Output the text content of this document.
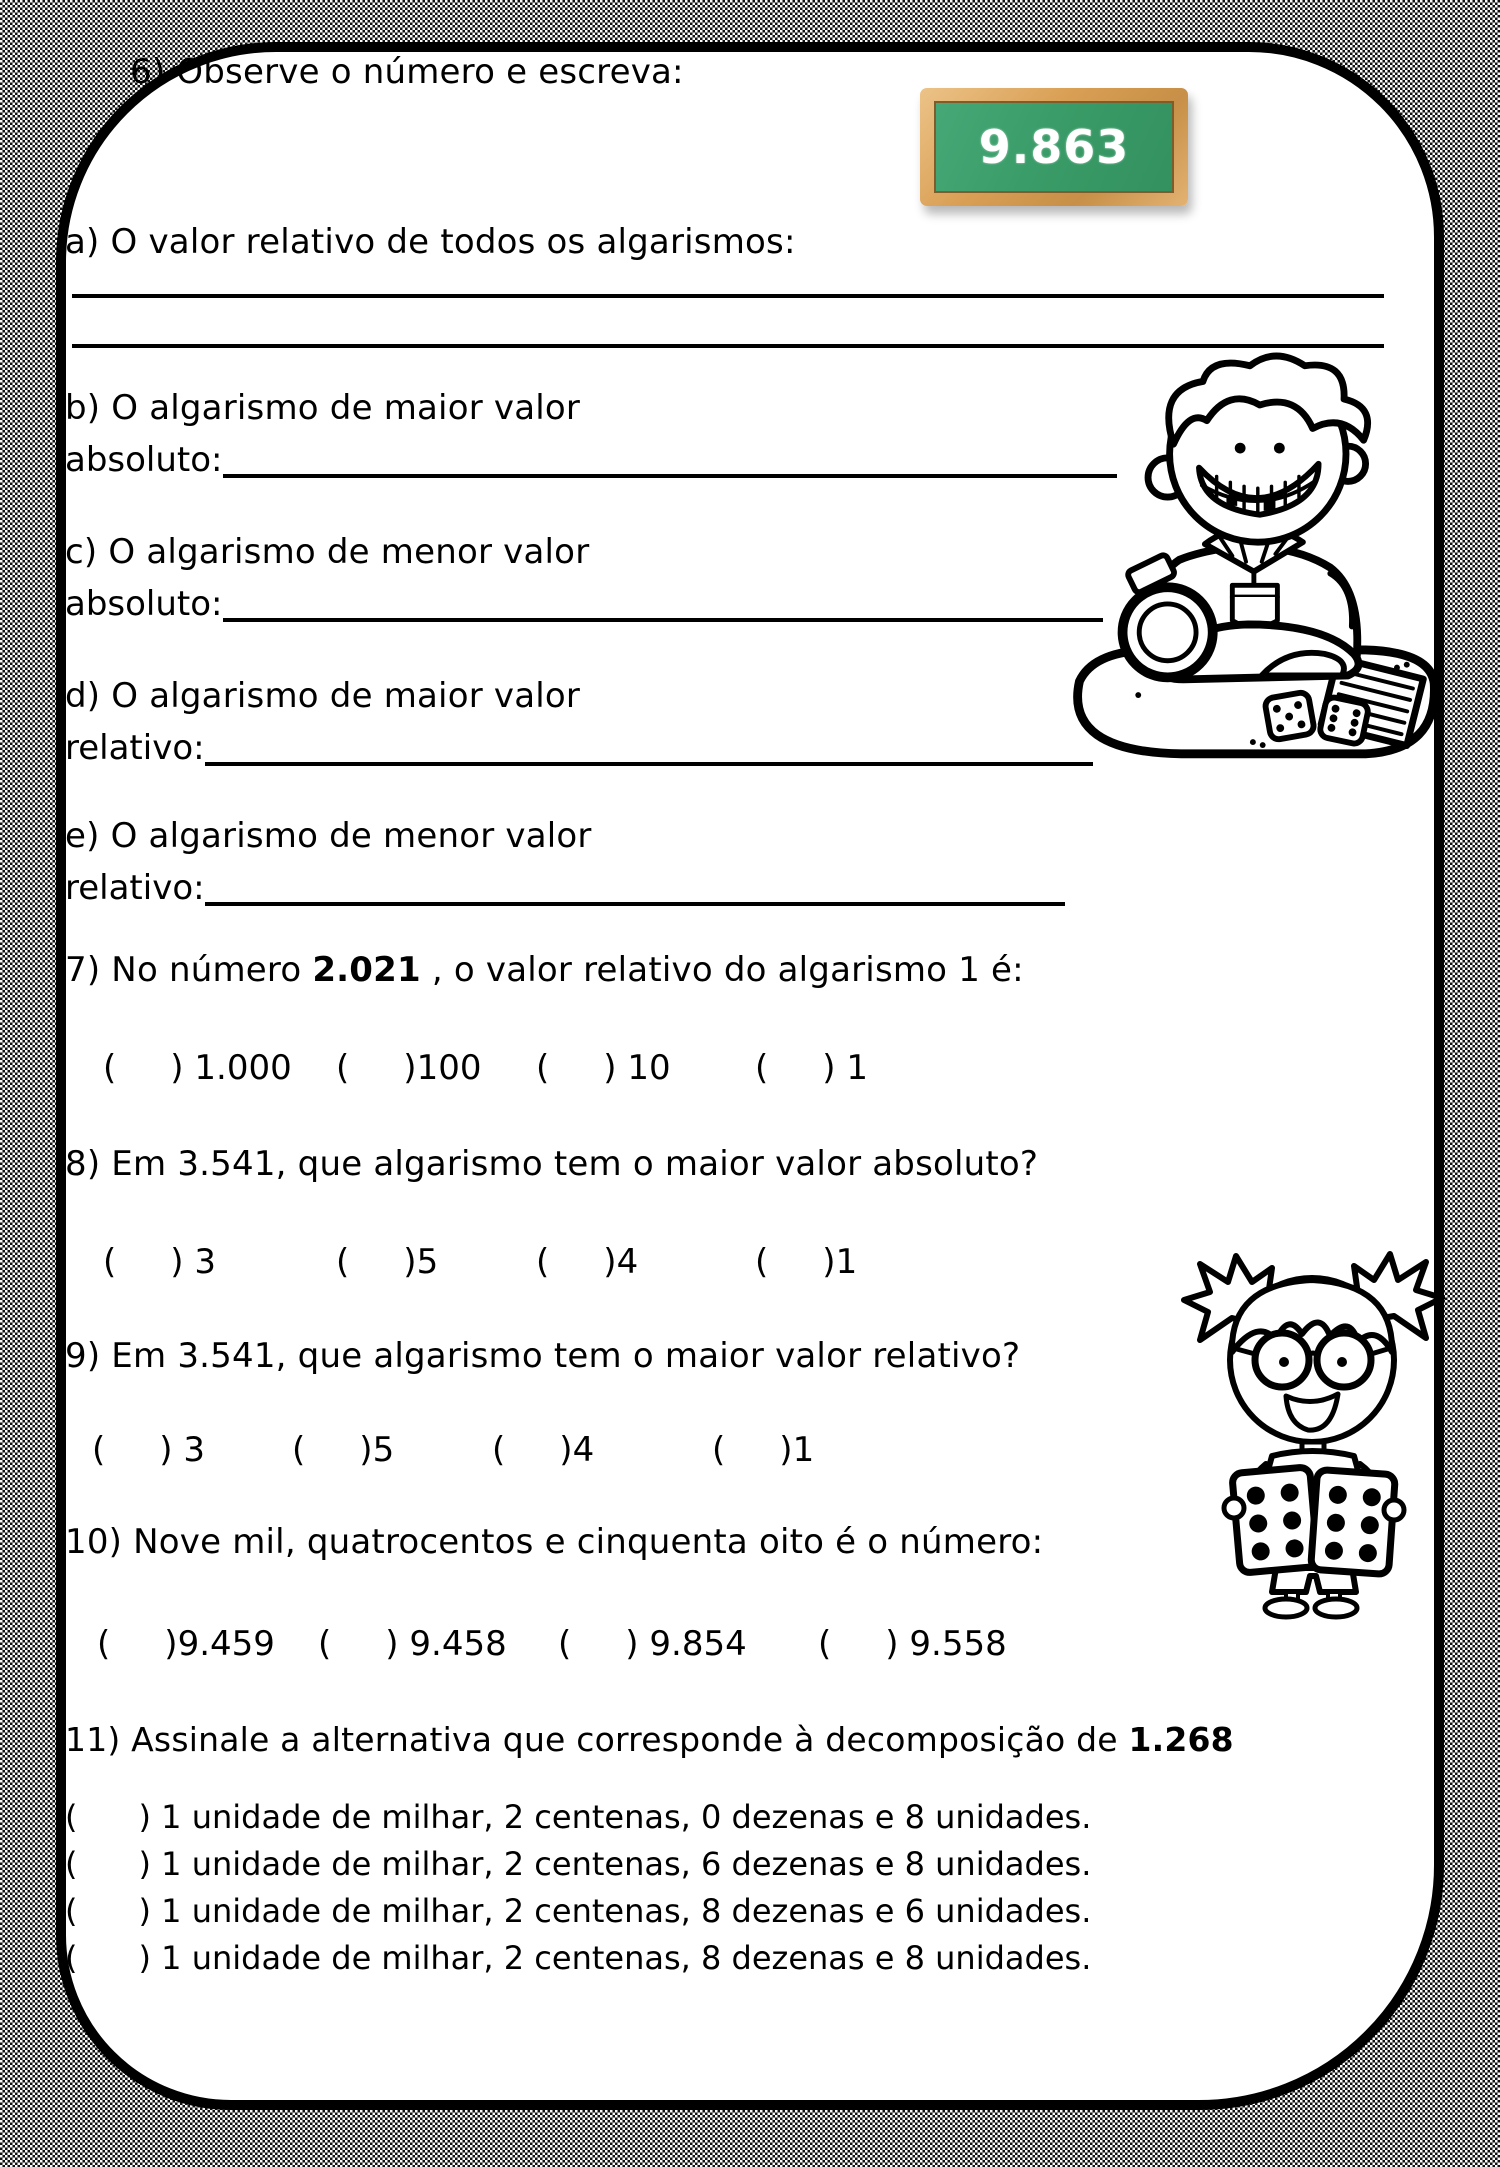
6) Observe o número e escreva:
9.863
a) O valor relativo de todos os algarismos:
b) O algarismo de maior valor
absoluto:
c) O algarismo de menor valor
absoluto:
d) O algarismo de maior valor
relativo:
e) O algarismo de menor valor
relativo:
7) No número 2.021 , o valor relativo do algarismo 1 é:
(     ) 1.000 (     )100 (     ) 10 (     ) 1
8) Em 3.541, que algarismo tem o maior valor absoluto?
(     ) 3	(     )5	(     )4	(     )1
9) Em 3.541, que algarismo tem o maior valor relativo?
(     ) 3	(     )5	(     )4	(     )1
10) Nove mil, quatrocentos e cinquenta oito é o número:
(     )9.459 (     ) 9.458 (     ) 9.854 (     ) 9.558
11) Assinale a alternativa que corresponde à decomposição de 1.268
(      ) 1 unidade de milhar, 2 centenas, 0 dezenas e 8 unidades.
(      ) 1 unidade de milhar, 2 centenas, 6 dezenas e 8 unidades.
(      ) 1 unidade de milhar, 2 centenas, 8 dezenas e 6 unidades.
(      ) 1 unidade de milhar, 2 centenas, 8 dezenas e 8 unidades.
